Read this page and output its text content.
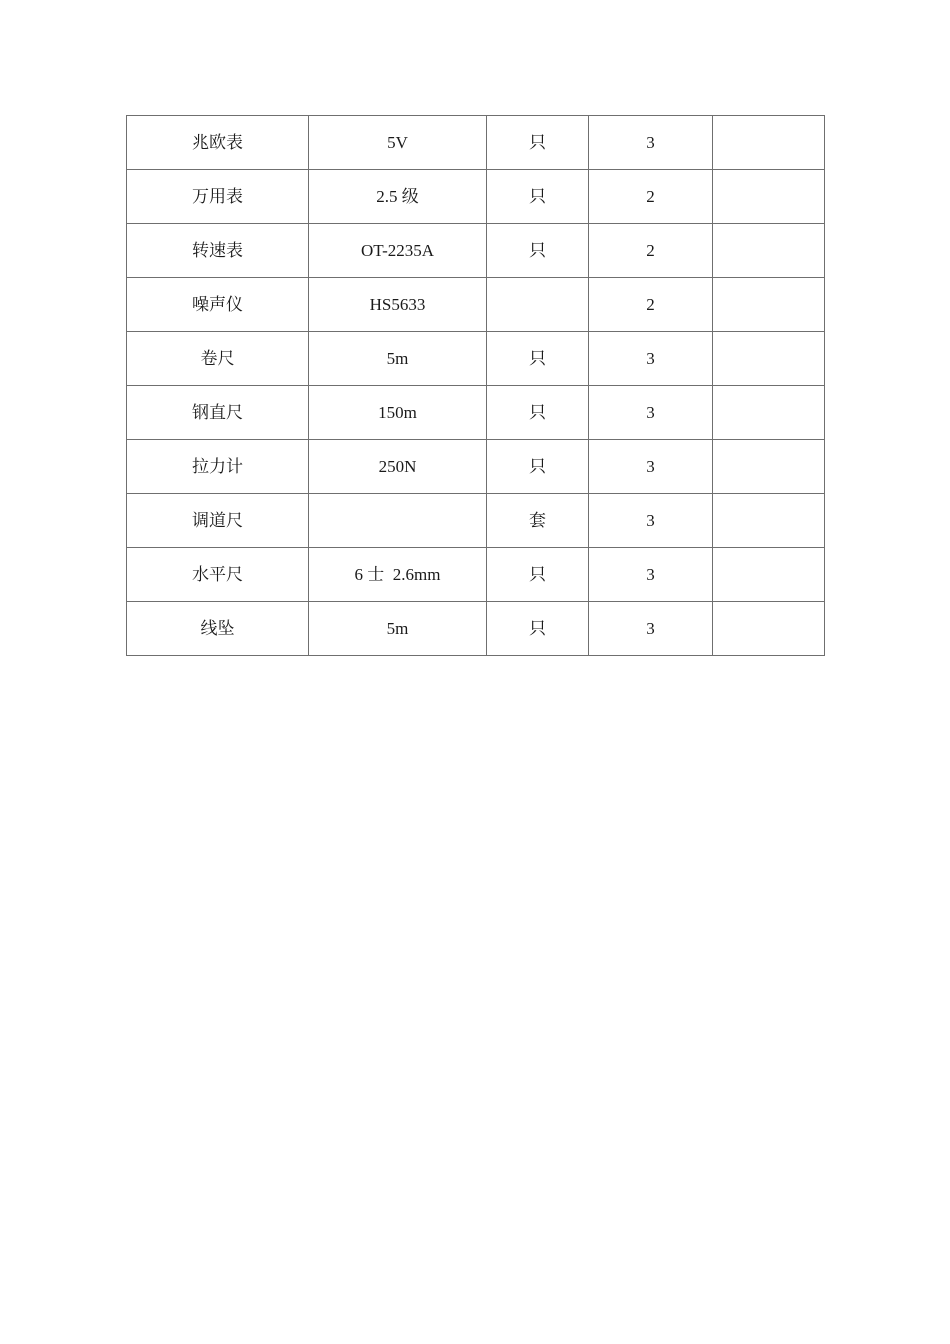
兆欧表	5V	只	3	
万用表	2.5 级	只	2	
转速表	OT-2235A	只	2	
噪声仪	HS5633		2	
卷尺	5m	只	3	
钢直尺	150m	只	3	
拉力计	250N	只	3	
调道尺		套	3	
水平尺	6 士  2.6mm	只	3	
线坠	5m	只	3	
